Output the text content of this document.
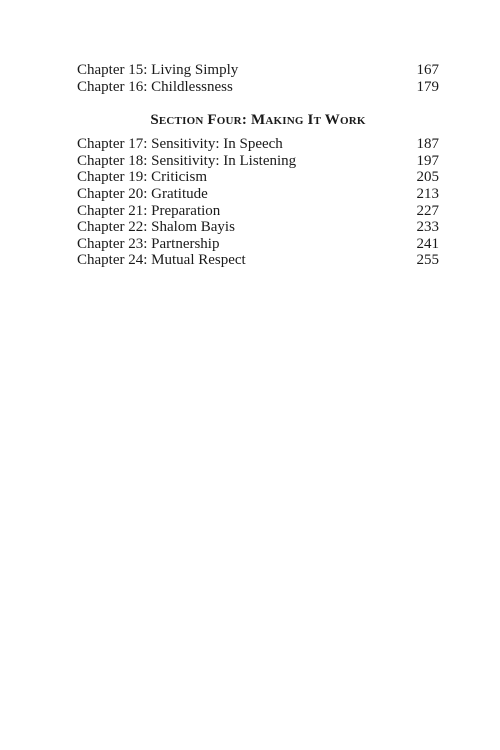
Chapter 15: Living Simply	167
Chapter 16: Childlessness	179
Section Four: Making It Work
Chapter 17: Sensitivity: In Speech	187
Chapter 18: Sensitivity: In Listening	197
Chapter 19: Criticism	205
Chapter 20: Gratitude	213
Chapter 21: Preparation	227
Chapter 22: Shalom Bayis	233
Chapter 23: Partnership	241
Chapter 24: Mutual Respect	255
